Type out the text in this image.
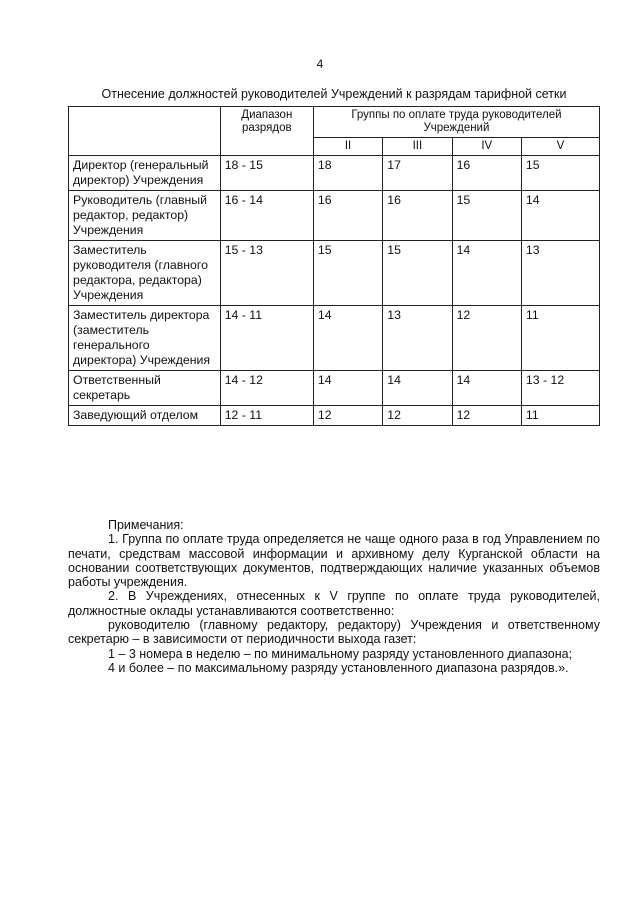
4
Отнесение должностей руководителей Учреждений к разрядам тарифной сетки
	Диапазон разрядов	Группы по оплате труда руководителей Учреждений			
		II	III	IV	V
Директор (генеральный директор) Учреждения	18 - 15	18	17	16	15
Руководитель (главный редактор, редактор) Учреждения	16 - 14	16	16	15	14
Заместитель руководителя (главного редактора, редактора) Учреждения	15 - 13	15	15	14	13
Заместитель директора (заместитель генерального директора) Учреждения	14 - 11	14	13	12	11
Ответственный секретарь	14 - 12	14	14	14	13 - 12
Заведующий отделом	12 - 11	12	12	12	11

Примечания:

1. Группа по оплате труда определяется не чаще одного раза в год Управлением по печати, средствам массовой информации и архивному делу Курганской области на основании соответствующих документов, подтверждающих наличие указанных объемов работы учреждения.

2. В Учреждениях, отнесенных к V группе по оплате труда руководителей, должностные оклады устанавливаются соответственно:

руководителю (главному редактору, редактору) Учреждения и ответственному секретарю – в зависимости от периодичности выхода газет:

1 – 3 номера в неделю – по минимальному разряду установленного диапазона;

4 и более – по максимальному разряду установленного диапазона разрядов.».
